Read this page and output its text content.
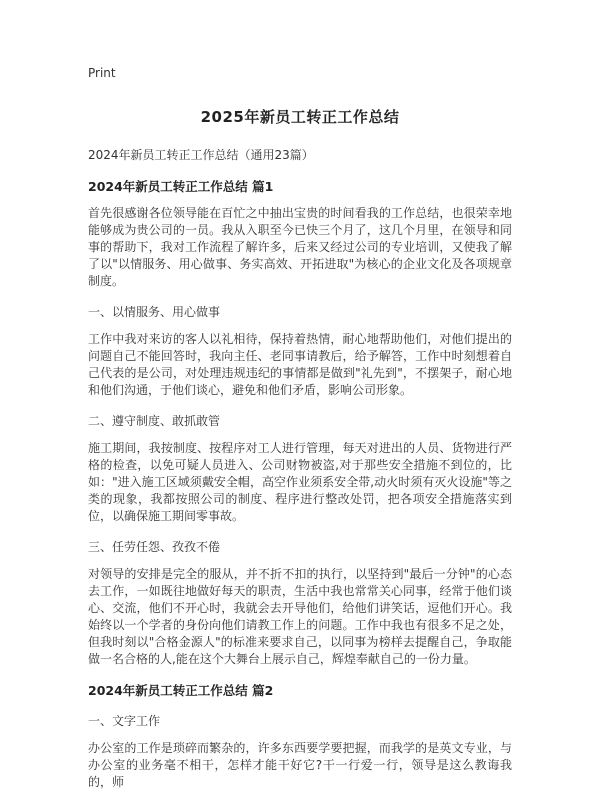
Print
2025年新员工转正工作总结
2024年新员工转正工作总结（通用23篇）
2024年新员工转正工作总结 篇1

首先很感谢各位领导能在百忙之中抽出宝贵的时间看我的工作总结，也很荣幸地能够成为贵公司的一员。我从入职至今已快三个月了，这几个月里，在领导和同事的帮助下，我对工作流程了解许多，后来又经过公司的专业培训，又使我了解了以"以情服务、用心做事、务实高效、开拓进取"为核心的企业文化及各项规章制度。

一、以情服务、用心做事

工作中我对来访的客人以礼相待，保持着热情，耐心地帮助他们，对他们提出的问题自己不能回答时，我向主任、老同事请教后，给予解答，工作中时刻想着自己代表的是公司，对处理违规违纪的事情都是做到"礼先到"，不摆架子，耐心地和他们沟通，于他们谈心，避免和他们矛盾，影响公司形象。

二、遵守制度、敢抓敢管

施工期间，我按制度、按程序对工人进行管理，每天对进出的人员、货物进行严格的检查，以免可疑人员进入、公司财物被盗,对于那些安全措施不到位的，比如："进入施工区域须戴安全帽，高空作业须系安全带,动火时须有灭火设施"等之类的现象，我都按照公司的制度、程序进行整改处罚，把各项安全措施落实到位，以确保施工期间零事故。

三、任劳任怨、孜孜不倦

对领导的安排是完全的服从，并不折不扣的执行，以坚持到"最后一分钟"的心态去工作，一如既往地做好每天的职责，生活中我也常常关心同事，经常于他们谈心、交流，他们不开心时，我就会去开导他们，给他们讲笑话，逗他们开心。我始终以一个学者的身份向他们请教工作上的问题。工作中我也有很多不足之处，但我时刻以"合格金源人"的标准来要求自己，以同事为榜样去提醒自己，争取能做一名合格的人,能在这个大舞台上展示自己，辉煌奉献自己的一份力量。

2024年新员工转正工作总结 篇2
一、文字工作

办公室的工作是琐碎而繁杂的，许多东西要学要把握，而我学的是英文专业，与办公室的业务毫不相干，怎样才能干好它?干一行爱一行，领导是这么教诲我的，师
